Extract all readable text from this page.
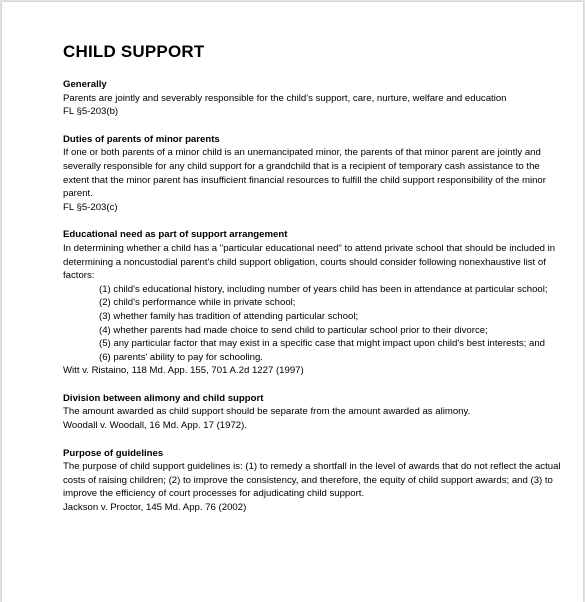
CHILD SUPPORT
Generally
Parents are jointly and severably responsible for the child’s support, care, nurture, welfare and education
FL §5-203(b)
Duties of parents of minor parents
If one or both parents of a minor child is an unemancipated minor, the parents of that minor parent are jointly and severally responsible for any child support for a grandchild that is a recipient of temporary cash assistance to the extent that the minor parent has insufficient financial resources to fulfill the child support responsibility of the minor parent.
FL §5-203(c)
Educational need as part of support arrangement
In determining whether a child has a "particular educational need" to attend private school that should be included in determining a noncustodial parent's child support obligation, courts should consider following nonexhaustive list of factors:
(1) child's educational history, including number of years child has been in attendance at particular school;
(2) child's performance while in private school;
(3) whether family has tradition of attending particular school;
(4) whether parents had made choice to send child to particular school prior to their divorce;
(5) any particular factor that may exist in a specific case that might impact upon child's best interests; and
(6) parents' ability to pay for schooling.
Witt v. Ristaino, 118 Md. App. 155, 701 A.2d 1227 (1997)
Division between alimony and child support
The amount awarded as child support should be separate from the amount awarded as alimony.
Woodall v. Woodall, 16 Md. App. 17 (1972).
Purpose of guidelines
The purpose of child support guidelines is: (1) to remedy a shortfall in the level of awards that do not reflect the actual costs of raising children; (2) to improve the consistency, and therefore, the equity of child support awards; and (3) to improve the efficiency of court processes for adjudicating child support.
Jackson v. Proctor, 145 Md. App. 76 (2002)
